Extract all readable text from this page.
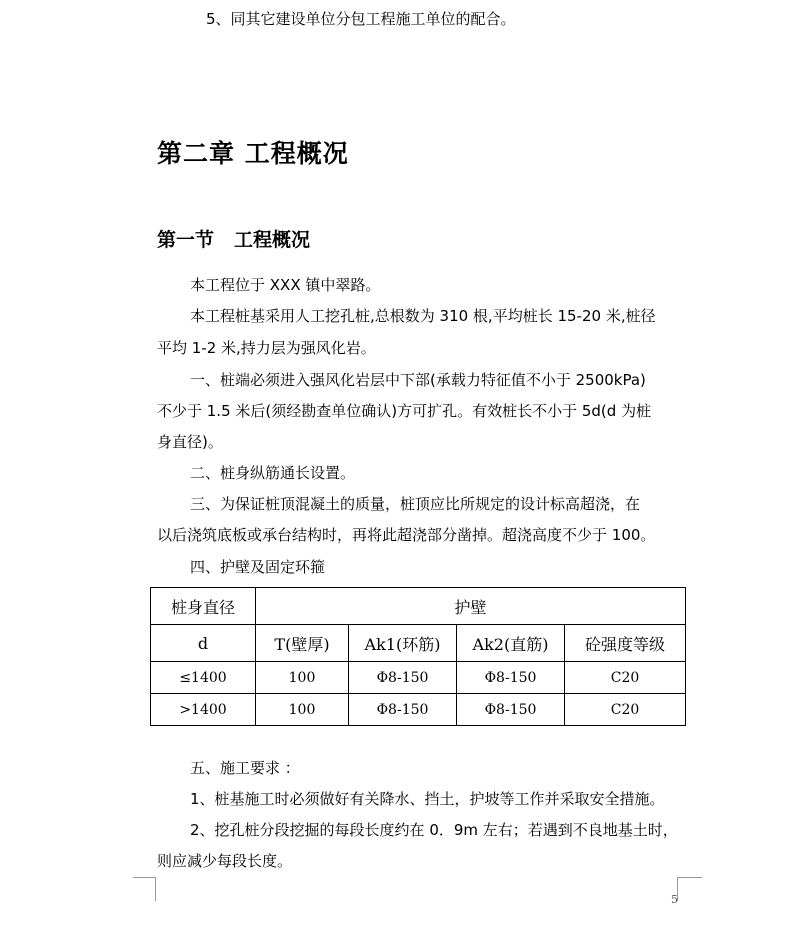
5、同其它建设单位分包工程施工单位的配合。
第二章 工程概况
第一节 工程概况
本工程位于 XXX 镇中翠路。
本工程桩基采用人工挖孔桩,总根数为 310 根,平均桩长 15-20 米,桩径
平均 1-2 米,持力层为强风化岩。
一、桩端必须进入强风化岩层中下部(承载力特征值不小于 2500kPa)
不少于 1.5 米后(须经勘查单位确认)方可扩孔。有效桩长不小于 5d(d 为桩
身直径)。
二、桩身纵筋通长设置。
三、为保证桩顶混凝土的质量，桩顶应比所规定的设计标高超浇，在
以后浇筑底板或承台结构时，再将此超浇部分凿掉。超浇高度不少于 100。
四、护壁及固定环箍
桩身直径	护壁			
d	T(壁厚)	Ak1(环筋)	Ak2(直筋)	砼强度等级
≤1400	100	Φ8-150	Φ8-150	C20
>1400	100	Φ8-150	Φ8-150	C20
五、施工要求 ：
1、桩基施工时必须做好有关降水、挡土，护坡等工作并采取安全措施。
2、挖孔桩分段挖掘的每段长度约在 0．9m 左右；若遇到不良地基土时，
则应减少每段长度。
5
